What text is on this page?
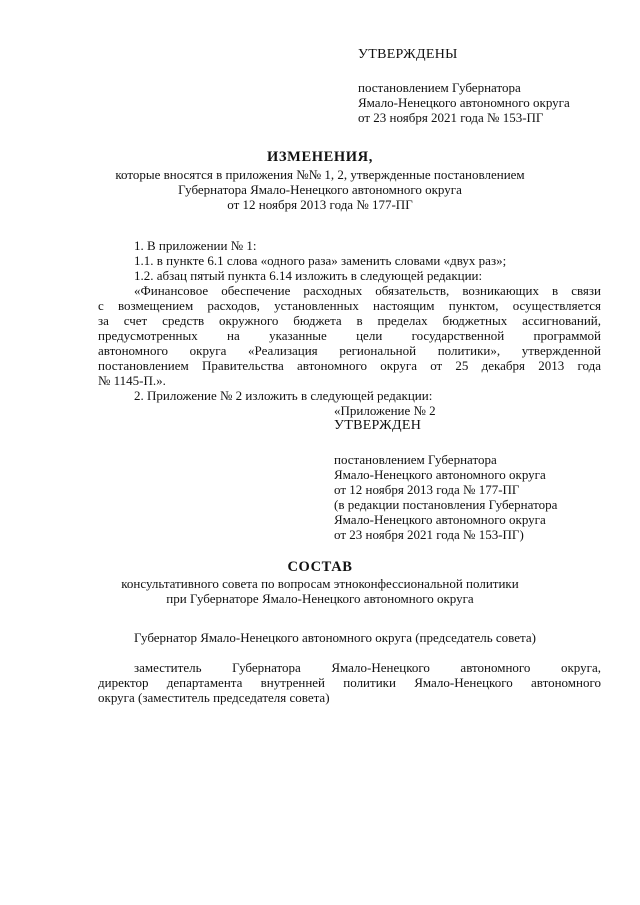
УТВЕРЖДЕНЫ
постановлением Губернатора
Ямало-Ненецкого автономного округа
от 23 ноября 2021 года № 153-ПГ
ИЗМЕНЕНИЯ,
которые вносятся в приложения №№ 1, 2, утвержденные постановлением
Губернатора Ямало-Ненецкого автономного округа
от 12 ноября 2013 года № 177-ПГ
1. В приложении № 1:
1.1. в пункте 6.1 слова «одного раза» заменить словами «двух раз»;
1.2. абзац пятый пункта 6.14 изложить в следующей редакции:
«Финансовое обеспечение расходных обязательств, возникающих в связи
с возмещением расходов, установленных настоящим пунктом, осуществляется
за счет средств окружного бюджета в пределах бюджетных ассигнований,
предусмотренных на указанные цели государственной программой
автономного округа «Реализация региональной политики», утвержденной
постановлением Правительства автономного округа от 25 декабря 2013 года
№ 1145-П.».
2. Приложение № 2 изложить в следующей редакции:
«Приложение № 2
УТВЕРЖДЕН
постановлением Губернатора
Ямало-Ненецкого автономного округа
от 12 ноября 2013 года № 177-ПГ
(в редакции постановления Губернатора
Ямало-Ненецкого автономного округа
от 23 ноября 2021 года № 153-ПГ)
СОСТАВ
консультативного совета по вопросам этноконфессиональной политики
при Губернаторе Ямало-Ненецкого автономного округа
Губернатор Ямало-Ненецкого автономного округа (председатель совета)
заместитель Губернатора Ямало-Ненецкого автономного округа,
директор департамента внутренней политики Ямало-Ненецкого автономного
округа (заместитель председателя совета)
